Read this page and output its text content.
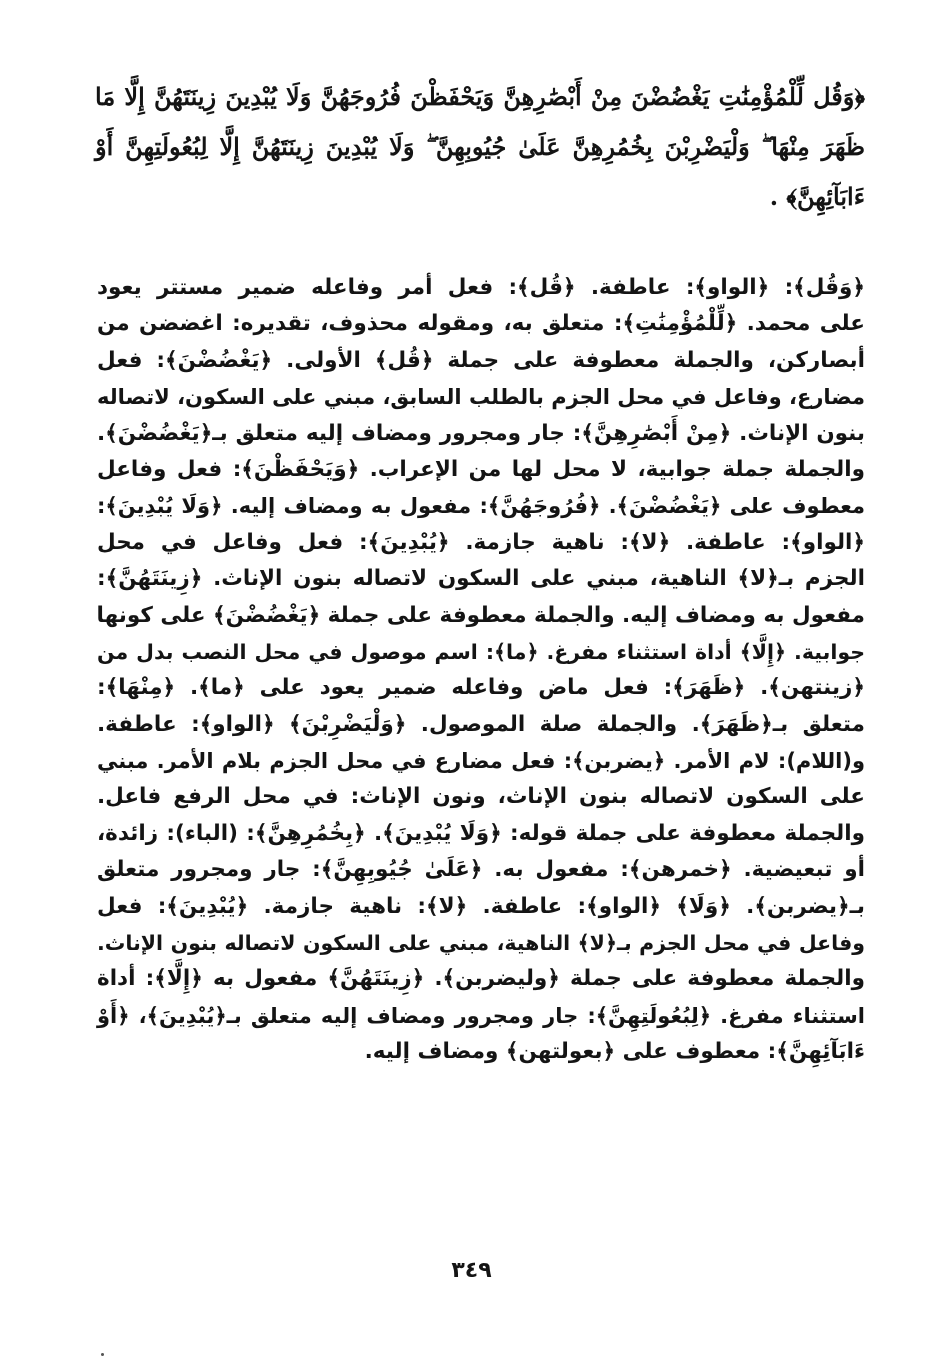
﴿وَقُل لِّلْمُؤْمِنَٰتِ يَغْضُضْنَ مِنْ أَبْصَٰرِهِنَّ وَيَحْفَظْنَ فُرُوجَهُنَّ وَلَا يُبْدِينَ زِينَتَهُنَّ إِلَّا مَا ظَهَرَ مِنْهَا ۖ وَلْيَضْرِبْنَ بِخُمُرِهِنَّ عَلَىٰ جُيُوبِهِنَّ ۖ وَلَا يُبْدِينَ زِينَتَهُنَّ إِلَّا لِبُعُولَتِهِنَّ أَوْ ءَابَآئِهِنَّ﴾ .

﴿وَقُل﴾: ﴿الواو﴾: عاطفة. ﴿قُل﴾: فعل أمر وفاعله ضمير مستتر يعود
على محمد. ﴿لِّلْمُؤْمِنَٰتِ﴾: متعلق به، ومقوله محذوف، تقديره: اغضضن من
أبصاركن، والجملة معطوفة على جملة ﴿قُل﴾ الأولى. ﴿يَغْضُضْنَ﴾: فعل
مضارع، وفاعل في محل الجزم بالطلب السابق، مبني على السكون، لاتصاله
بنون الإناث. ﴿مِنْ أَبْصَٰرِهِنَّ﴾: جار ومجرور ومضاف إليه متعلق بـ﴿يَغْضُضْنَ﴾.
والجملة جملة جوابية، لا محل لها من الإعراب. ﴿وَيَحْفَظْنَ﴾: فعل وفاعل
معطوف على ﴿يَغْضُضْنَ﴾. ﴿فُرُوجَهُنَّ﴾: مفعول به ومضاف إليه. ﴿وَلَا يُبْدِينَ﴾:
﴿الواو﴾: عاطفة. ﴿لا﴾: ناهية جازمة. ﴿يُبْدِينَ﴾: فعل وفاعل في محل
الجزم بـ﴿لا﴾ الناهية، مبني على السكون لاتصاله بنون الإناث. ﴿زِينَتَهُنَّ﴾:
مفعول به ومضاف إليه. والجملة معطوفة على جملة ﴿يَغْضُضْنَ﴾ على كونها
جوابية. ﴿إِلَّا﴾ أداة استثناء مفرغ. ﴿ما﴾: اسم موصول في محل النصب بدل من
﴿زينتهن﴾. ﴿ظَهَرَ﴾: فعل ماض وفاعله ضمير يعود على ﴿ما﴾. ﴿مِنْهَا﴾:
متعلق بـ﴿ظَهَرَ﴾. والجملة صلة الموصول. ﴿وَلْيَضْرِبْنَ﴾ ﴿الواو﴾: عاطفة.
و(اللام): لام الأمر. ﴿يضربن﴾: فعل مضارع في محل الجزم بلام الأمر. مبني
على السكون لاتصاله بنون الإناث، ونون الإناث: في محل الرفع فاعل.
والجملة معطوفة على جملة قوله: ﴿وَلَا يُبْدِينَ﴾. ﴿بِخُمُرِهِنَّ﴾: (الباء): زائدة،
أو تبعيضية. ﴿خمرهن﴾: مفعول به. ﴿عَلَىٰ جُيُوبِهِنَّ﴾: جار ومجرور متعلق
بـ﴿يضربن﴾. ﴿وَلَا﴾ ﴿الواو﴾: عاطفة. ﴿لا﴾: ناهية جازمة. ﴿يُبْدِينَ﴾: فعل
وفاعل في محل الجزم بـ﴿لا﴾ الناهية، مبني على السكون لاتصاله بنون الإناث.
والجملة معطوفة على جملة ﴿وليضربن﴾. ﴿زِينَتَهُنَّ﴾ مفعول به ﴿إِلَّا﴾: أداة
استثناء مفرغ. ﴿لِبُعُولَتِهِنَّ﴾: جار ومجرور ومضاف إليه متعلق بـ﴿يُبْدِينَ﴾، ﴿أَوْ
ءَابَآئِهِنَّ﴾: معطوف على ﴿بعولتهن﴾ ومضاف إليه.
٣٤٩
